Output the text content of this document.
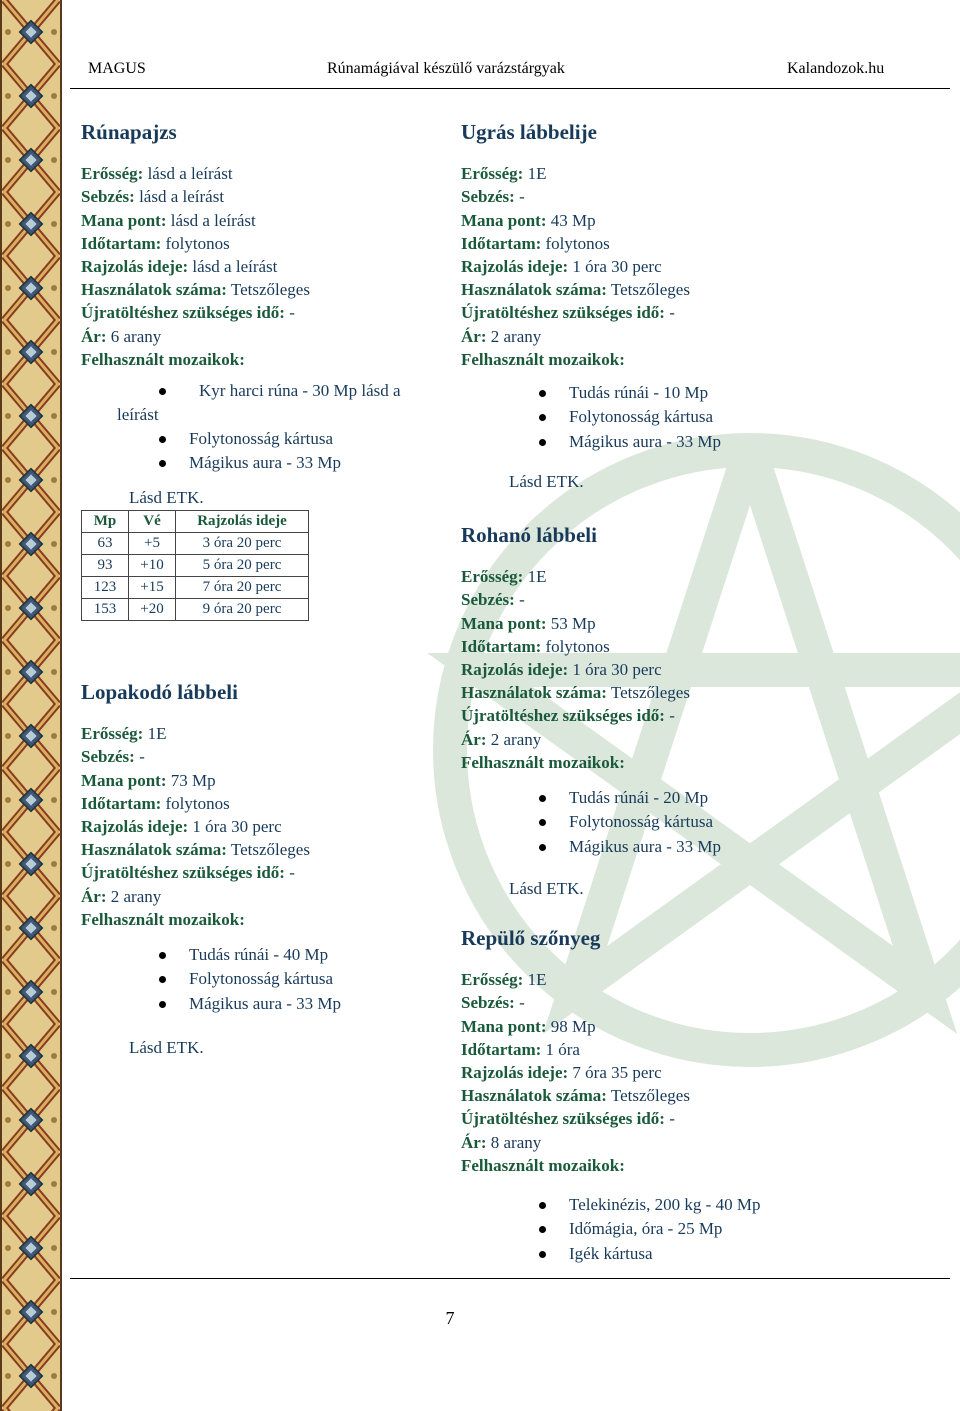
MAGUS	Rúnamágiával készülő varázstárgyak	Kalandozok.hu
Rúnapajzs
Erősség: lásd a leírást
Sebzés: lásd a leírást
Mana pont: lásd a leírást
Időtartam: folytonos
Rajzolás ideje: lásd a leírást
Használatok száma: Tetszőleges
Újratöltéshez szükséges idő: -
Ár: 6 arany
Felhasznált mozaikok:
Kyr harci rúna - 30 Mp lásd a leírást
Folytonosság kártusa
Mágikus aura - 33 Mp
Lásd ETK.
Mp	Vé	Rajzolás ideje
63	+5	3 óra 20 perc
93	+10	5 óra 20 perc
123	+15	7 óra 20 perc
153	+20	9 óra 20 perc
Lopakodó lábbeli
Erősség: 1E
Sebzés: -
Mana pont: 73 Mp
Időtartam: folytonos
Rajzolás ideje: 1 óra 30 perc
Használatok száma: Tetszőleges
Újratöltéshez szükséges idő: -
Ár: 2 arany
Felhasznált mozaikok:
Tudás rúnái - 40 Mp
Folytonosság kártusa
Mágikus aura - 33 Mp
Lásd ETK.
Ugrás lábbelije
Erősség: 1E
Sebzés: -
Mana pont: 43 Mp
Időtartam: folytonos
Rajzolás ideje: 1 óra 30 perc
Használatok száma: Tetszőleges
Újratöltéshez szükséges idő: -
Ár: 2 arany
Felhasznált mozaikok:
Tudás rúnái - 10 Mp
Folytonosság kártusa
Mágikus aura - 33 Mp
Lásd ETK.
Rohanó lábbeli
Erősség: 1E
Sebzés: -
Mana pont: 53 Mp
Időtartam: folytonos
Rajzolás ideje: 1 óra 30 perc
Használatok száma: Tetszőleges
Újratöltéshez szükséges idő: -
Ár: 2 arany
Felhasznált mozaikok:
Tudás rúnái - 20 Mp
Folytonosság kártusa
Mágikus aura - 33 Mp
Lásd ETK.
Repülő szőnyeg
Erősség: 1E
Sebzés: -
Mana pont: 98 Mp
Időtartam: 1 óra
Rajzolás ideje: 7 óra 35 perc
Használatok száma: Tetszőleges
Újratöltéshez szükséges idő: -
Ár: 8 arany
Felhasznált mozaikok:
Telekinézis, 200 kg - 40 Mp
Időmágia, óra - 25 Mp
Igék kártusa
7
